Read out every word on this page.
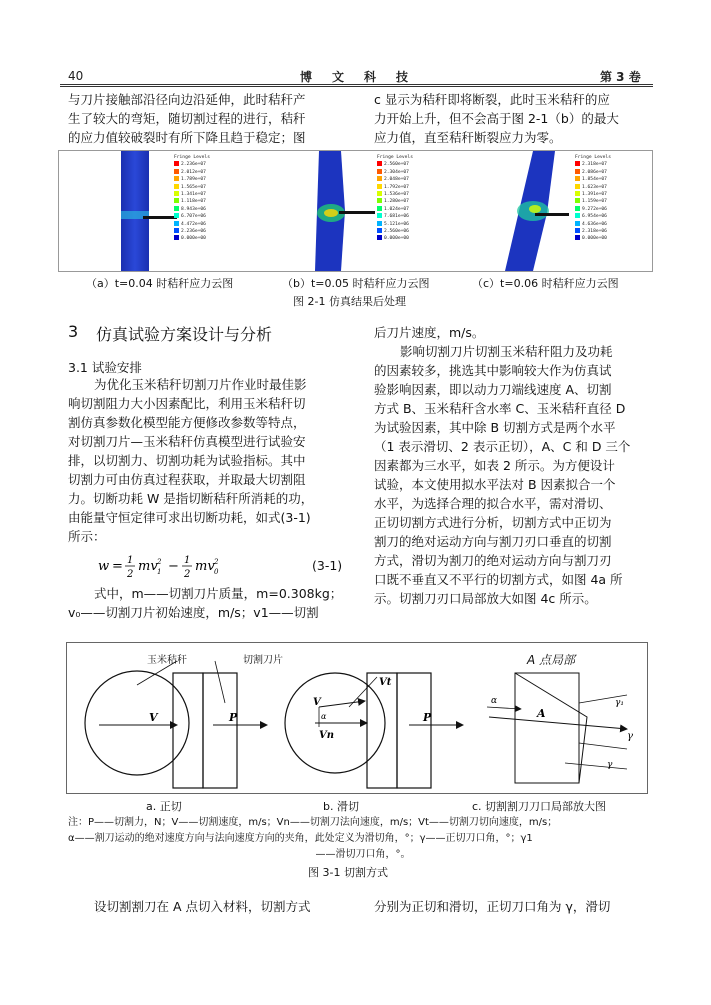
40	博　文　科　技	第 3 卷
与刀片接触部沿径向边沿延伸，此时秸秆产
生了较大的弯矩，随切割过程的进行，秸秆
的应力值较破裂时有所下降且趋于稳定；图
c 显示为秸秆即将断裂，此时玉米秸秆的应
力开始上升，但不会高于图 2-1（b）的最大
应力值，直至秸秆断裂应力为零。
Fringe Levels
2.236e+07
2.012e+07
1.789e+07
1.565e+07
1.341e+07
1.118e+07
8.943e+06
6.707e+06
4.472e+06
2.236e+06
0.000e+00
Fringe Levels
2.560e+07
2.304e+07
2.048e+07
1.792e+07
1.536e+07
1.280e+07
1.024e+07
7.681e+06
5.121e+06
2.560e+06
0.000e+00
Fringe Levels
2.318e+07
2.086e+07
1.854e+07
1.623e+07
1.391e+07
1.159e+07
9.272e+06
6.954e+06
4.636e+06
2.318e+06
0.000e+00
（a）t=0.04 时秸秆应力云图	（b）t=0.05 时秸秆应力云图	（c）t=0.06 时秸秆应力云图
图 2-1 仿真结果后处理
3 仿真试验方案设计与分析
3.1 试验安排
为优化玉米秸秆切割刀片作业时最佳影
响切割阻力大小因素配比，利用玉米秸秆切
割仿真参数化模型能方便修改参数等特点，
对切割刀片—玉米秸秆仿真模型进行试验安
排，以切割力、切割功耗为试验指标。其中
切割力可由仿真过程获取，并取最大切割阻
力。切断功耗 W 是指切断秸秆所消耗的功，
由能量守恒定律可求出切断功耗，如式(3-1)
所示：
w = 1
2
mv 2
1 − 1
2
mv 2
0	(3-1)
式中，m——切割刀片质量，m=0.308kg；
v₀——切割刀片初始速度，m/s；v1——切割
后刀片速度，m/s。
影响切割刀片切割玉米秸秆阻力及功耗
的因素较多，挑选其中影响较大作为仿真试
验影响因素，即以动力刀端线速度 A、切割
方式 B、玉米秸秆含水率 C、玉米秸秆直径 D
为试验因素，其中除 B 切割方式是两个水平
（1 表示滑切、2 表示正切），A、C 和 D 三个
因素都为三水平，如表 2 所示。为方便设计
试验，本文使用拟水平法对 B 因素拟合一个
水平，为选择合理的拟合水平，需对滑切、
正切切割方式进行分析，切割方式中正切为
割刀的绝对运动方向与割刀刃口垂直的切割
方式，滑切为割刀的绝对运动方向与割刀刃
口既不垂直又不平行的切割方式，如图 4a 所
示。切割刀刃口局部放大如图 4c 所示。
V	P
V
α
Vn
Vt
P	A
α	γ₁
γ
γ
玉米秸秆	切割刀片	A 点局部
a. 正切	b. 滑切	c. 切割割刀刀口局部放大图
注：P——切割力，N；V——切割速度，m/s；Vn——切割刀法向速度，m/s；Vt——切割刀切向速度，m/s；
α——割刀运动的绝对速度方向与法向速度方向的夹角，此处定义为滑切角，°；γ——正切刀口角，°；γ1
——滑切刀口角，°。
图 3-1 切割方式
设切割割刀在 A 点切入材料，切割方式	分别为正切和滑切，正切刀口角为 γ，滑切
